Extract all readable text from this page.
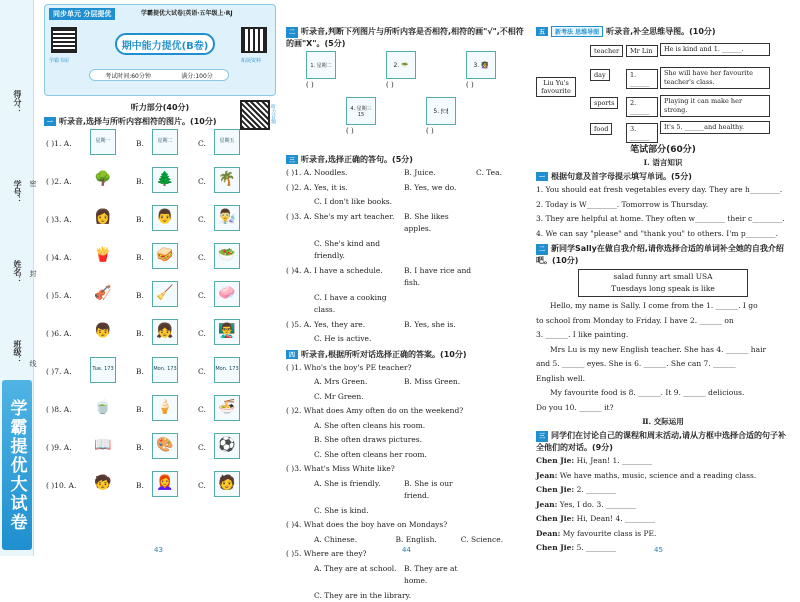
得分：
学号：
姓名：
班级：
密
封
线
学霸提优大试卷
同步单元 分层提优	学霸提优大试卷|英语·五年级上·RJ
学霸书屋
期中能力提优(B卷)
拓展资料
考试时间:60分钟	满分:100分
听力音频
听力部分(40分)
一 听录音,选择与所听内容相符的图片。(10分)
( )1. A.	星期一	B.	星期二	C.	星期五
( )2. A.	🌳	B. 🌲	C. 🌴
( )3. A.	👩	B. 👨	C. 👨‍🔬
( )4. A.	🍟	B. 🥪	C. 🥗
( )5. A.	🎻	B. 🧹	C. 🧼
( )6. A.	👦	B. 👧	C. 👨‍🏫
( )7. A.	Tue. 173	B. Mon. 173	C. Mon. 173
( )8. A.	🍵	B. 🍦	C. 🍜
( )9. A.	📖	B. 🎨	C. ⚽
( )10. A.	🧒	B. 👩‍🦰	C. 🧑
43
二 听录音,判断下列图片与所听内容是否相符,相符的画"√",不相符的画"X"。(5分)
1. 星期二
( )
2. 🥗
( )
3. 👩‍🏫
( )
4. 星期三 15
( )
5. 🍽
( )
三 听录音,选择正确的答句。(5分)
( )1. A. Noodles.	B. Juice.	C. Tea.
( )2. A. Yes, it is.	B. Yes, we do.
C. I don't like books.
( )3. A. She's my art teacher.	B. She likes apples.
C. She's kind and friendly.
( )4. A. I have a schedule.	B. I have rice and fish.
C. I have a cooking class.
( )5. A. Yes, they are.	B. Yes, she is.
C. He is active.
四 听录音,根据所听对话选择正确的答案。(10分)
( )1. Who's the boy's PE teacher?
A. Mrs Green.	B. Miss Green.
C. Mr Green.
( )2. What does Amy often do on the weekend?
A. She often cleans his room.
B. She often draws pictures.
C. She often cleans her room.
( )3. What's Miss White like?
A. She is friendly.	B. She is our friend.
C. She is kind.
( )4. What does the boy have on Mondays?
A. Chinese.	B. English.	C. Science.
( )5. Where are they?
A. They are at school. B. They are at home.
C. They are in the library.
44
五 新考法 思维导图 听录音,补全思维导图。(10分)
Liu Yu's favourite
teacher	Mr Lin	He is kind and 1. ______.
day	1. ______
She will have her favourite teacher's class.
sports	2. ______
Playing it can make her strong.
food	3. ______
It's 5. ______and healthy.
笔试部分(60分)
Ⅰ. 语言知识
一 根据句意及首字母提示填写单词。(5分)
1. You should eat fresh vegetables every day. They are h________.
2. Today is W________. Tomorrow is Thursday.
3. They are helpful at home. They often w________ their c________.
4. We can say "please" and "thank you" to others. I'm p________.
二 新同学Sally在做自我介绍,请你选择合适的单词补全她的自我介绍吧。(10分)
salad funny art small USA
Tuesdays long speak is like
Hello, my name is Sally. I come from the 1. ______. I go
to school from Monday to Friday. I have 2. ______ on
3. ______. I like painting.
Mrs Lu is my new English teacher. She has 4. ______ hair
and 5. ______ eyes. She is 6. ______. She can 7. ______
English well.
My favourite food is 8. ______. It 9. ______ delicious.
Do you 10. ______ it?
Ⅱ. 交际运用
三 同学们在讨论自己的课程和周末活动,请从方框中选择合适的句子补全他们的对话。(9分)
Chen Jie: Hi, Jean! 1. ________
Jean: We have maths, music, science and a reading class.
Chen Jie: 2. ________
Jean: Yes, I do. 3. ________
Chen Jie: Hi, Dean! 4. ________
Dean: My favourite class is PE.
Chen Jie: 5. ________	45
